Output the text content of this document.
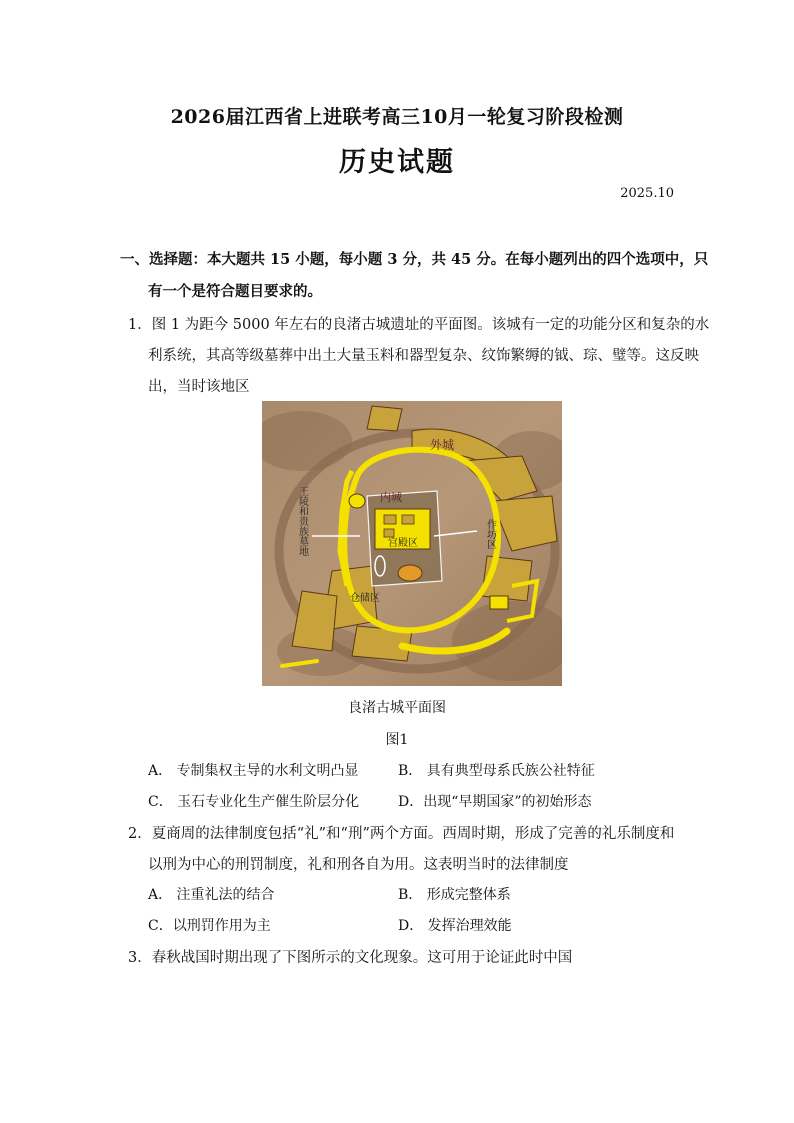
2026届江西省上进联考高三10月一轮复习阶段检测
历史试题
2025.10
一、选择题：本大题共 15 小题，每小题 3 分，共 45 分。在每小题列出的四个选项中，只
有一个是符合题目要求的。
1．图 1 为距今 5000 年左右的良渚古城遗址的平面图。该城有一定的功能分区和复杂的水
利系统，其高等级墓葬中出土大量玉料和器型复杂、纹饰繁缛的钺、琮、璧等。这反映
出，当时该地区
外城
内城
宫殿区
仓储区
作坊区
王陵和贵族墓地
良渚古城平面图
图1
A． 专制集权主导的水利文明凸显	B． 具有典型母系氏族公社特征
C． 玉石专业化生产催生阶层分化	D．出现“早期国家”的初始形态
2．夏商周的法律制度包括“礼”和“刑”两个方面。西周时期，形成了完善的礼乐制度和
以刑为中心的刑罚制度，礼和刑各自为用。这表明当时的法律制度
A． 注重礼法的结合	B． 形成完整体系
C．以刑罚作用为主	D． 发挥治理效能
3．春秋战国时期出现了下图所示的文化现象。这可用于论证此时中国
